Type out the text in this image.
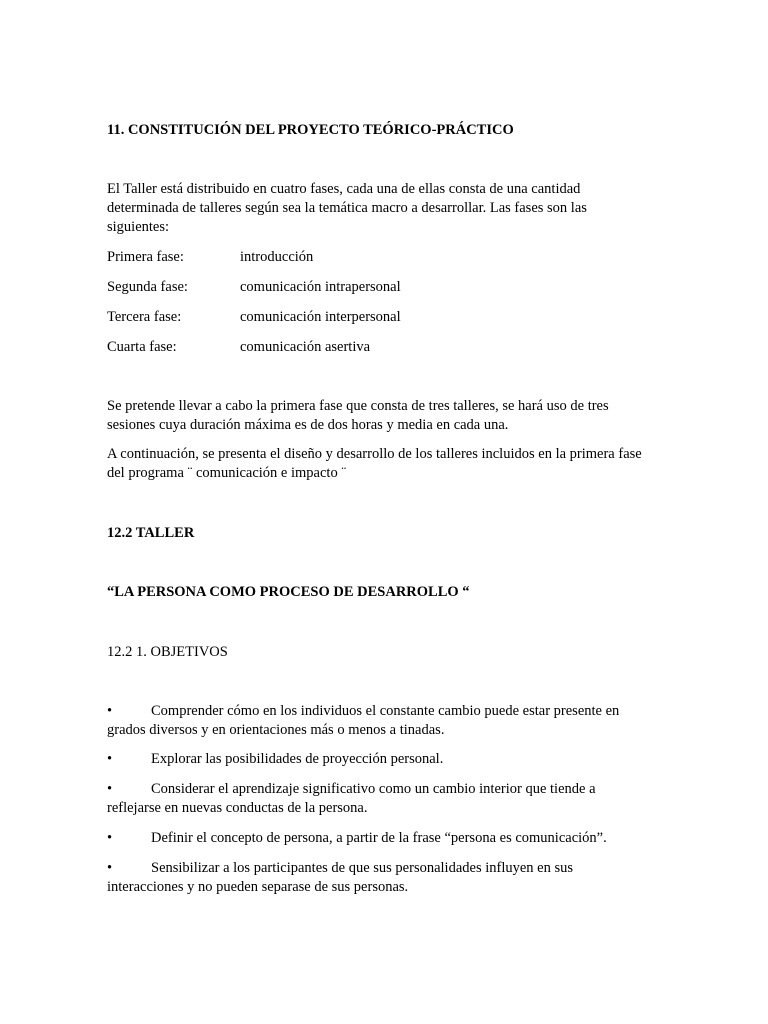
11. CONSTITUCIÓN DEL PROYECTO TEÓRICO-PRÁCTICO

El Taller está distribuido en cuatro fases, cada una de ellas consta de una cantidad determinada de talleres según sea la temática macro a desarrollar. Las fases son las siguientes:

Primera fase:	introducción
Segunda fase:	comunicación intrapersonal
Tercera fase:	comunicación interpersonal
Cuarta fase:	comunicación asertiva

Se pretende llevar a cabo la primera fase que consta de tres talleres, se hará uso de tres sesiones cuya duración máxima es de dos horas y media en cada una.

A continuación, se presenta el diseño y desarrollo de los talleres incluidos en la primera fase del programa ¨ comunicación e impacto ¨

12.2 TALLER
“LA PERSONA COMO PROCESO DE DESARROLLO “
12.2 1. OBJETIVOS

•	Comprender cómo en los individuos el constante cambio puede estar presente en grados diversos y en orientaciones más o menos a tinadas.

•	Explorar las posibilidades de proyección personal.

•	Considerar el aprendizaje significativo como un cambio interior que tiende a reflejarse en nuevas conductas de la persona.

•	Definir el concepto de persona, a partir de la frase “persona es comunicación”.

•	Sensibilizar a los participantes de que sus personalidades influyen en sus interacciones y no pueden separase de sus personas.
